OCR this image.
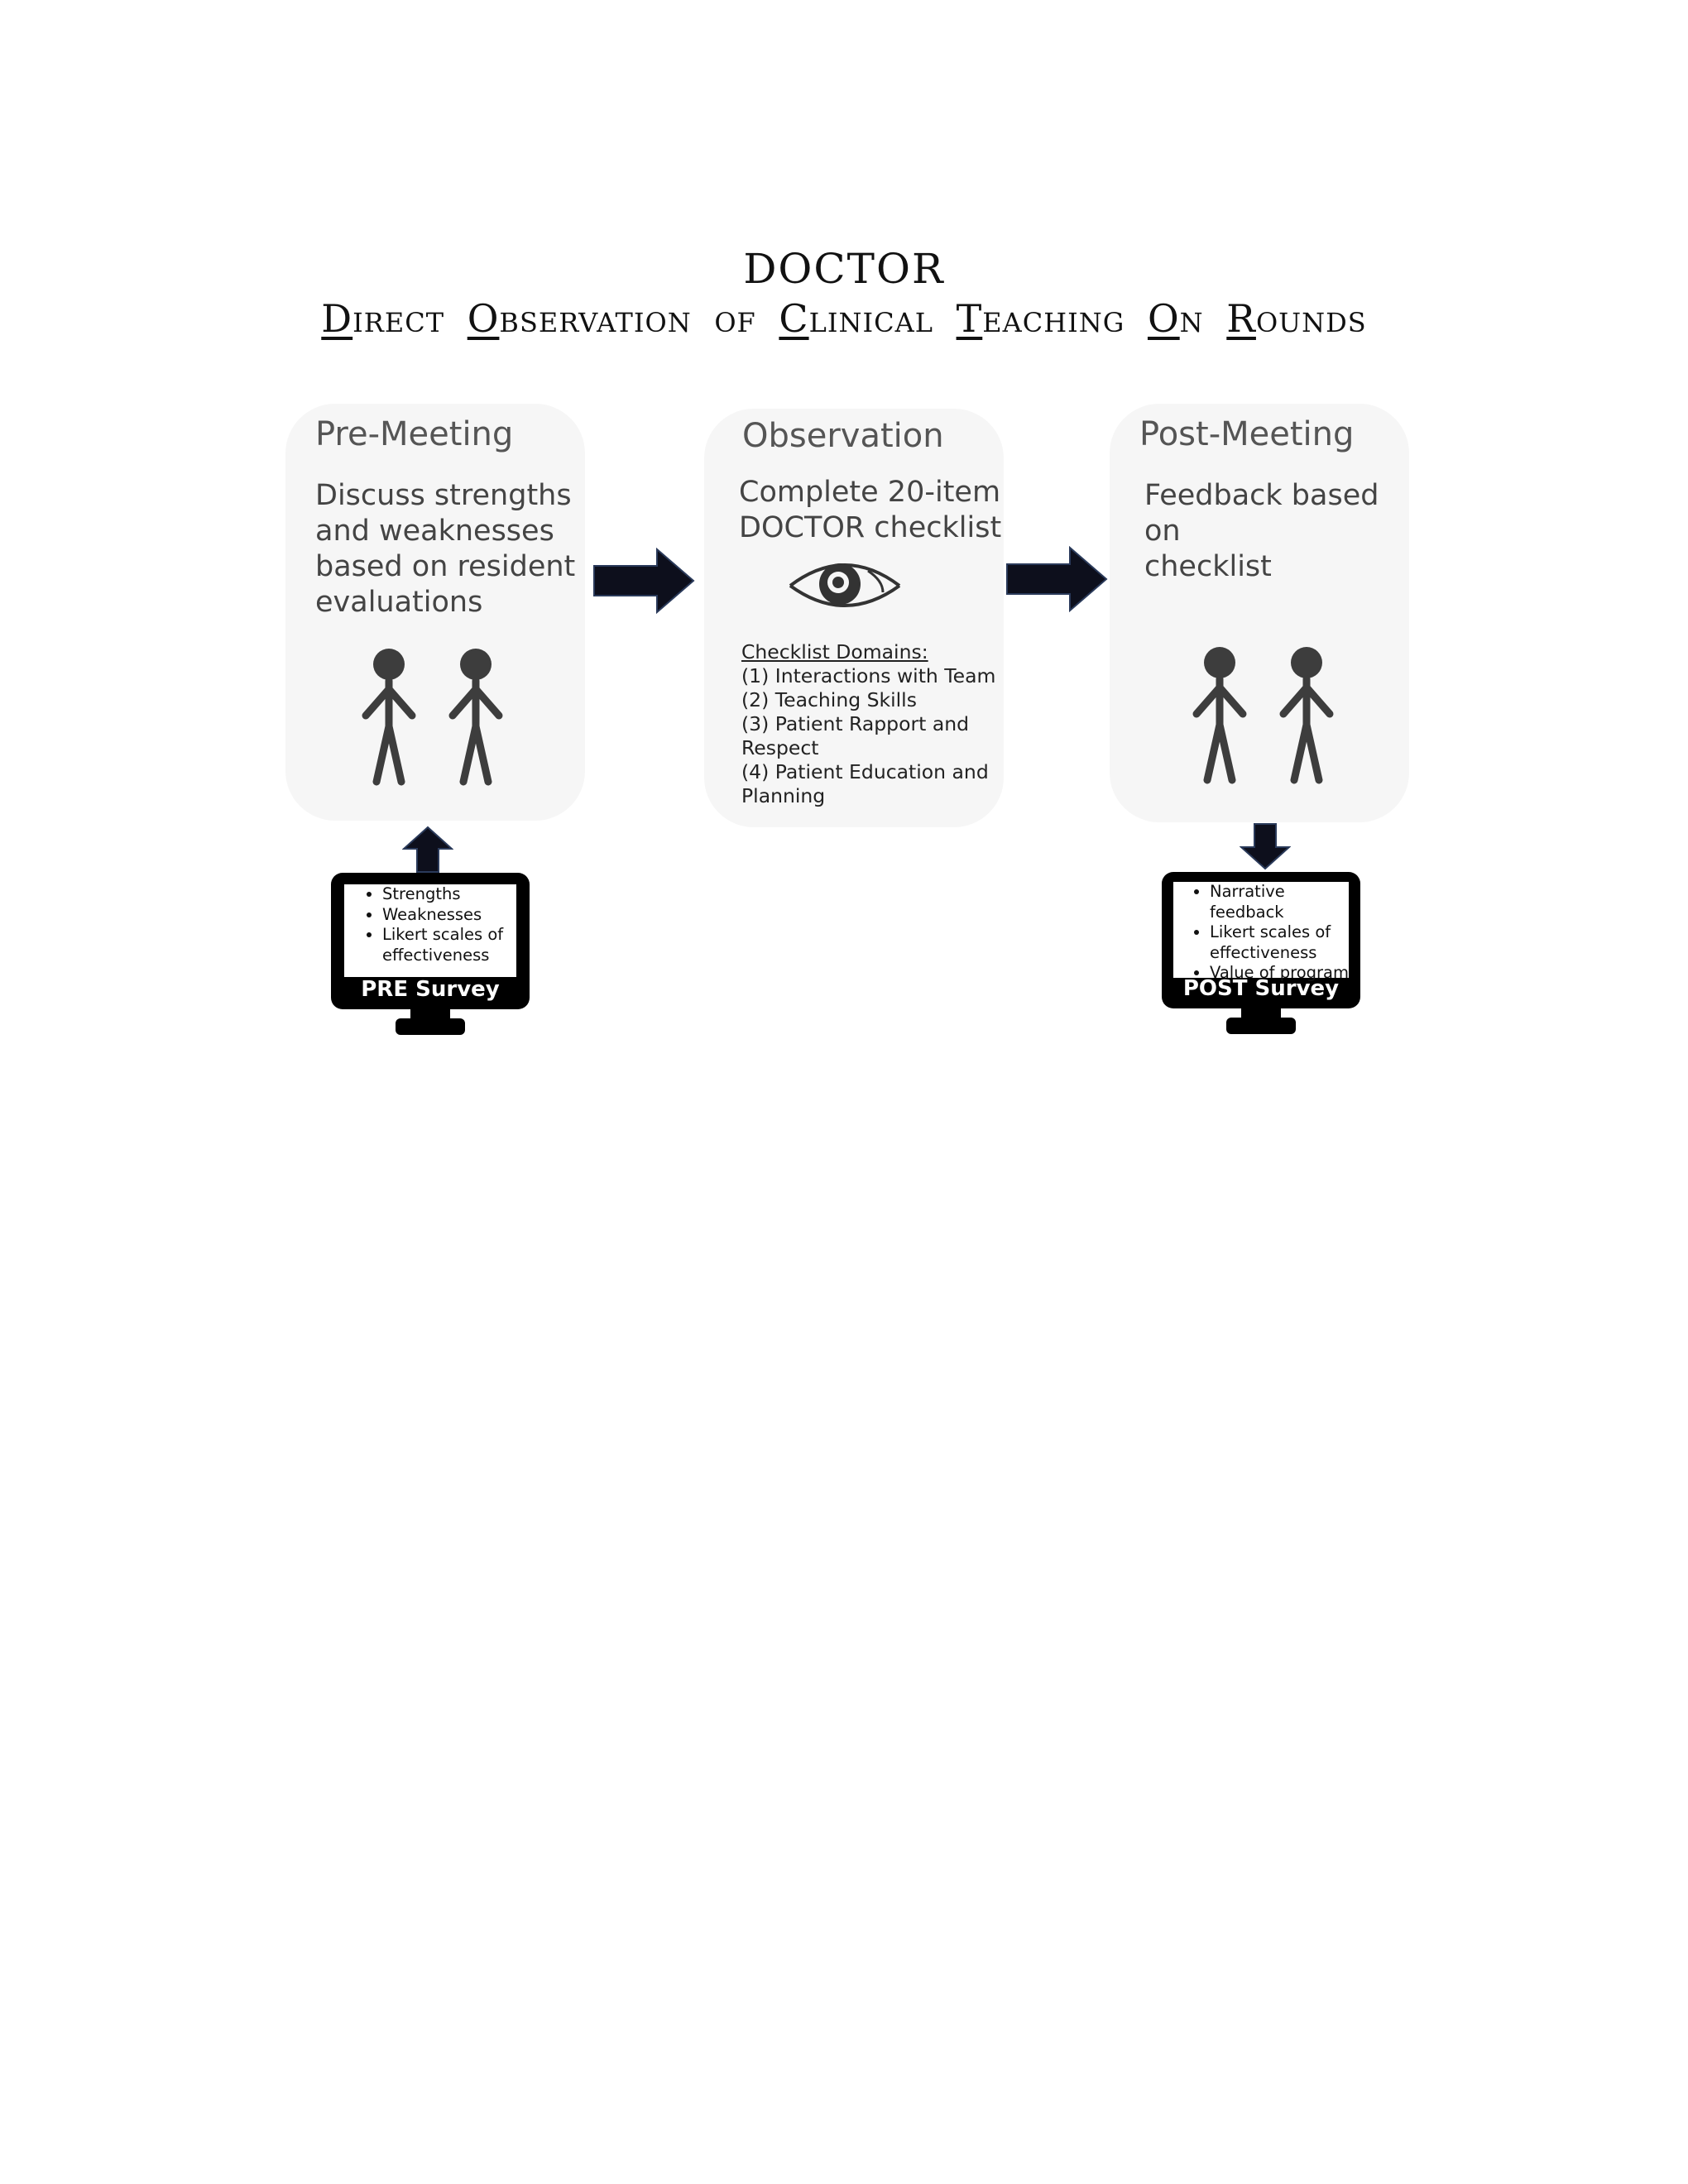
DOCTOR
Direct Observation of Clinical Teaching On Rounds
Pre-Meeting
Discuss strengths
and weaknesses
based on resident
evaluations
Observation
Complete 20-item
DOCTOR checklist
Checklist Domains:
(1) Interactions with Team
(2) Teaching Skills
(3) Patient Rapport and
Respect
(4) Patient Education and
Planning
Post-Meeting
Feedback based on
checklist
• Strengths
• Weaknesses
• Likert scales of effectiveness
PRE Survey
• Narrative feedback
• Likert scales of effectiveness
• Value of program
POST Survey
